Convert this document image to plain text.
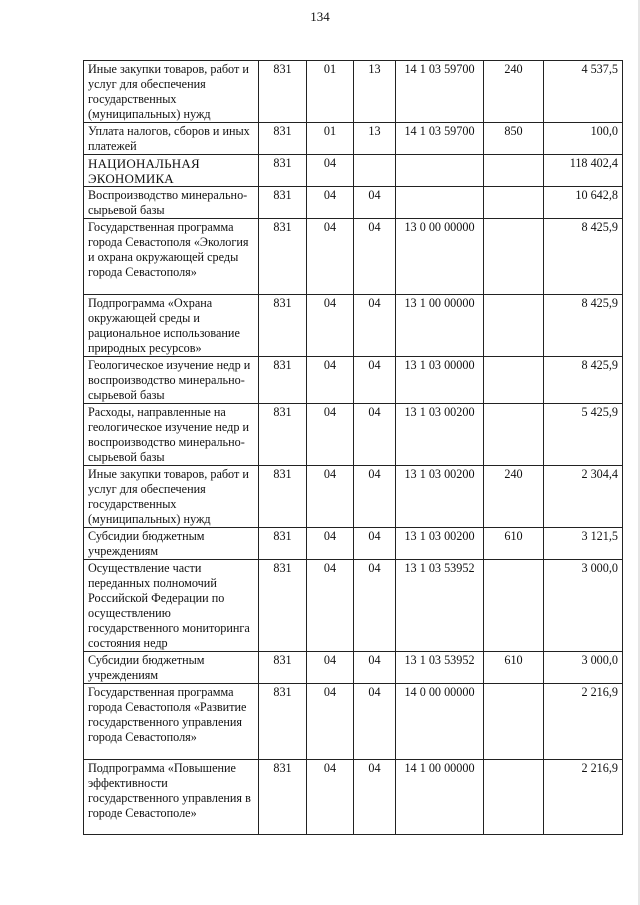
134
Иные закупки товаров, работ и услуг для обеспечения государственных (муниципальных) нужд	831	01	13	14 1 03 59700	240	4 537,5
Уплата налогов, сборов и иных платежей	831	01	13	14 1 03 59700	850	100,0
НАЦИОНАЛЬНАЯ ЭКОНОМИКА	831	04				118 402,4
Воспроизводство минерально-сырьевой базы	831	04	04			10 642,8
Государственная программа города Севастополя «Экология и охрана окружающей среды города Севастополя»	831	04	04	13 0 00 00000		8 425,9
Подпрограмма «Охрана окружающей среды и рациональное использование природных ресурсов»	831	04	04	13 1 00 00000		8 425,9
Геологическое изучение недр и воспроизводство минерально-сырьевой базы	831	04	04	13 1 03 00000		8 425,9
Расходы, направленные на геологическое изучение недр и воспроизводство минерально-сырьевой базы	831	04	04	13 1 03 00200		5 425,9
Иные закупки товаров, работ и услуг для обеспечения государственных (муниципальных) нужд	831	04	04	13 1 03 00200	240	2 304,4
Субсидии бюджетным учреждениям	831	04	04	13 1 03 00200	610	3 121,5
Осуществление части переданных полномочий Российской Федерации по осуществлению государственного мониторинга состояния недр	831	04	04	13 1 03 53952		3 000,0
Субсидии бюджетным учреждениям	831	04	04	13 1 03 53952	610	3 000,0
Государственная программа города Севастополя «Развитие государственного управления города Севастополя»	831	04	04	14 0 00 00000		2 216,9
Подпрограмма «Повышение эффективности государственного управления в городе Севастополе»	831	04	04	14 1 00 00000		2 216,9
